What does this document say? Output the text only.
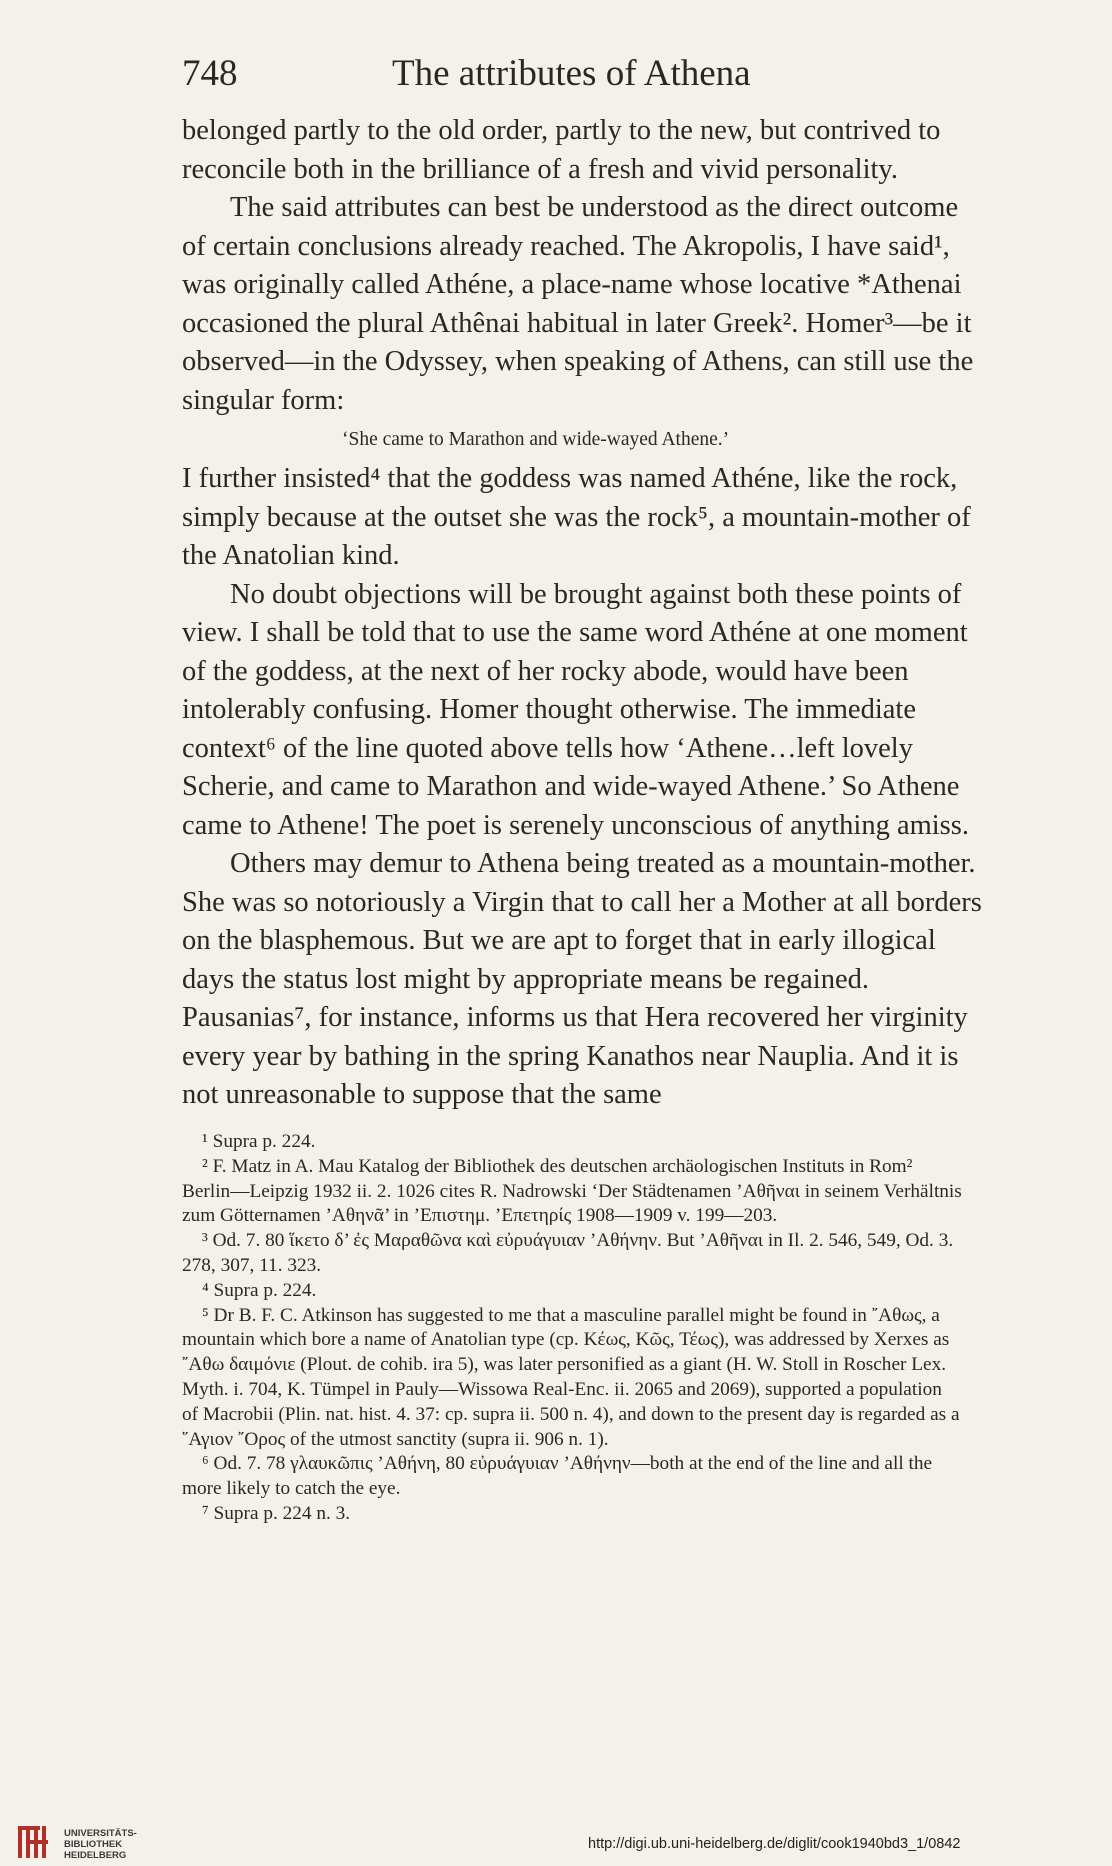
748	The attributes of Athena

belonged partly to the old order, partly to the new, but contrived to reconcile both in the brilliance of a fresh and vivid personality.

The said attributes can best be understood as the direct outcome of certain conclusions already reached. The Akropolis, I have said¹, was originally called Athéne, a place-name whose locative *Athenai occasioned the plural Athênai habitual in later Greek². Homer³—be it observed—in the Odyssey, when speaking of Athens, can still use the singular form:

‘She came to Marathon and wide-wayed Athene.’

I further insisted⁴ that the goddess was named Athéne, like the rock, simply because at the outset she was the rock⁵, a mountain-mother of the Anatolian kind.

No doubt objections will be brought against both these points of view. I shall be told that to use the same word Athéne at one moment of the goddess, at the next of her rocky abode, would have been intolerably confusing. Homer thought otherwise. The immediate context⁶ of the line quoted above tells how ‘Athene…left lovely Scherie, and came to Marathon and wide-wayed Athene.’ So Athene came to Athene! The poet is serenely unconscious of anything amiss.

Others may demur to Athena being treated as a mountain-mother. She was so notoriously a Virgin that to call her a Mother at all borders on the blasphemous. But we are apt to forget that in early illogical days the status lost might by appropriate means be regained. Pausanias⁷, for instance, informs us that Hera recovered her virginity every year by bathing in the spring Kanathos near Nauplia. And it is not unreasonable to suppose that the same

¹ Supra p. 224.

² F. Matz in A. Mau Katalog der Bibliothek des deutschen archäologischen Instituts in Rom² Berlin—Leipzig 1932 ii. 2. 1026 cites R. Nadrowski ‘Der Städtenamen ’Αθῆναι in seinem Verhältnis zum Götternamen ’Αθηνᾶ’ in ’Επιστημ. ’Επετηρίς 1908—1909 v. 199—203.

³ Od. 7. 80 ἵκετο δ’ ἐς Μαραθῶνα καὶ εὐρυάγυιαν ’Αθήνην. But ’Αθῆναι in Il. 2. 546, 549, Od. 3. 278, 307, 11. 323.

⁴ Supra p. 224.

⁵ Dr B. F. C. Atkinson has suggested to me that a masculine parallel might be found in ῎Αθως, a mountain which bore a name of Anatolian type (cp. Κέως, Κῶς, Τέως), was addressed by Xerxes as ῎Αθω δαιμόνιε (Plout. de cohib. ira 5), was later personified as a giant (H. W. Stoll in Roscher Lex. Myth. i. 704, K. Tümpel in Pauly—Wissowa Real-Enc. ii. 2065 and 2069), supported a population of Macrobii (Plin. nat. hist. 4. 37: cp. supra ii. 500 n. 4), and down to the present day is regarded as a ῞Αγιον ῎Ορος of the utmost sanctity (supra ii. 906 n. 1).

⁶ Od. 7. 78 γλαυκῶπις ’Αθήνη, 80 εὐρυάγυιαν ’Αθήνην—both at the end of the line and all the more likely to catch the eye.

⁷ Supra p. 224 n. 3.

UNIVERSITÄTS-
BIBLIOTHEK
HEIDELBERG
http://digi.ub.uni-heidelberg.de/diglit/cook1940bd3_1/0842
